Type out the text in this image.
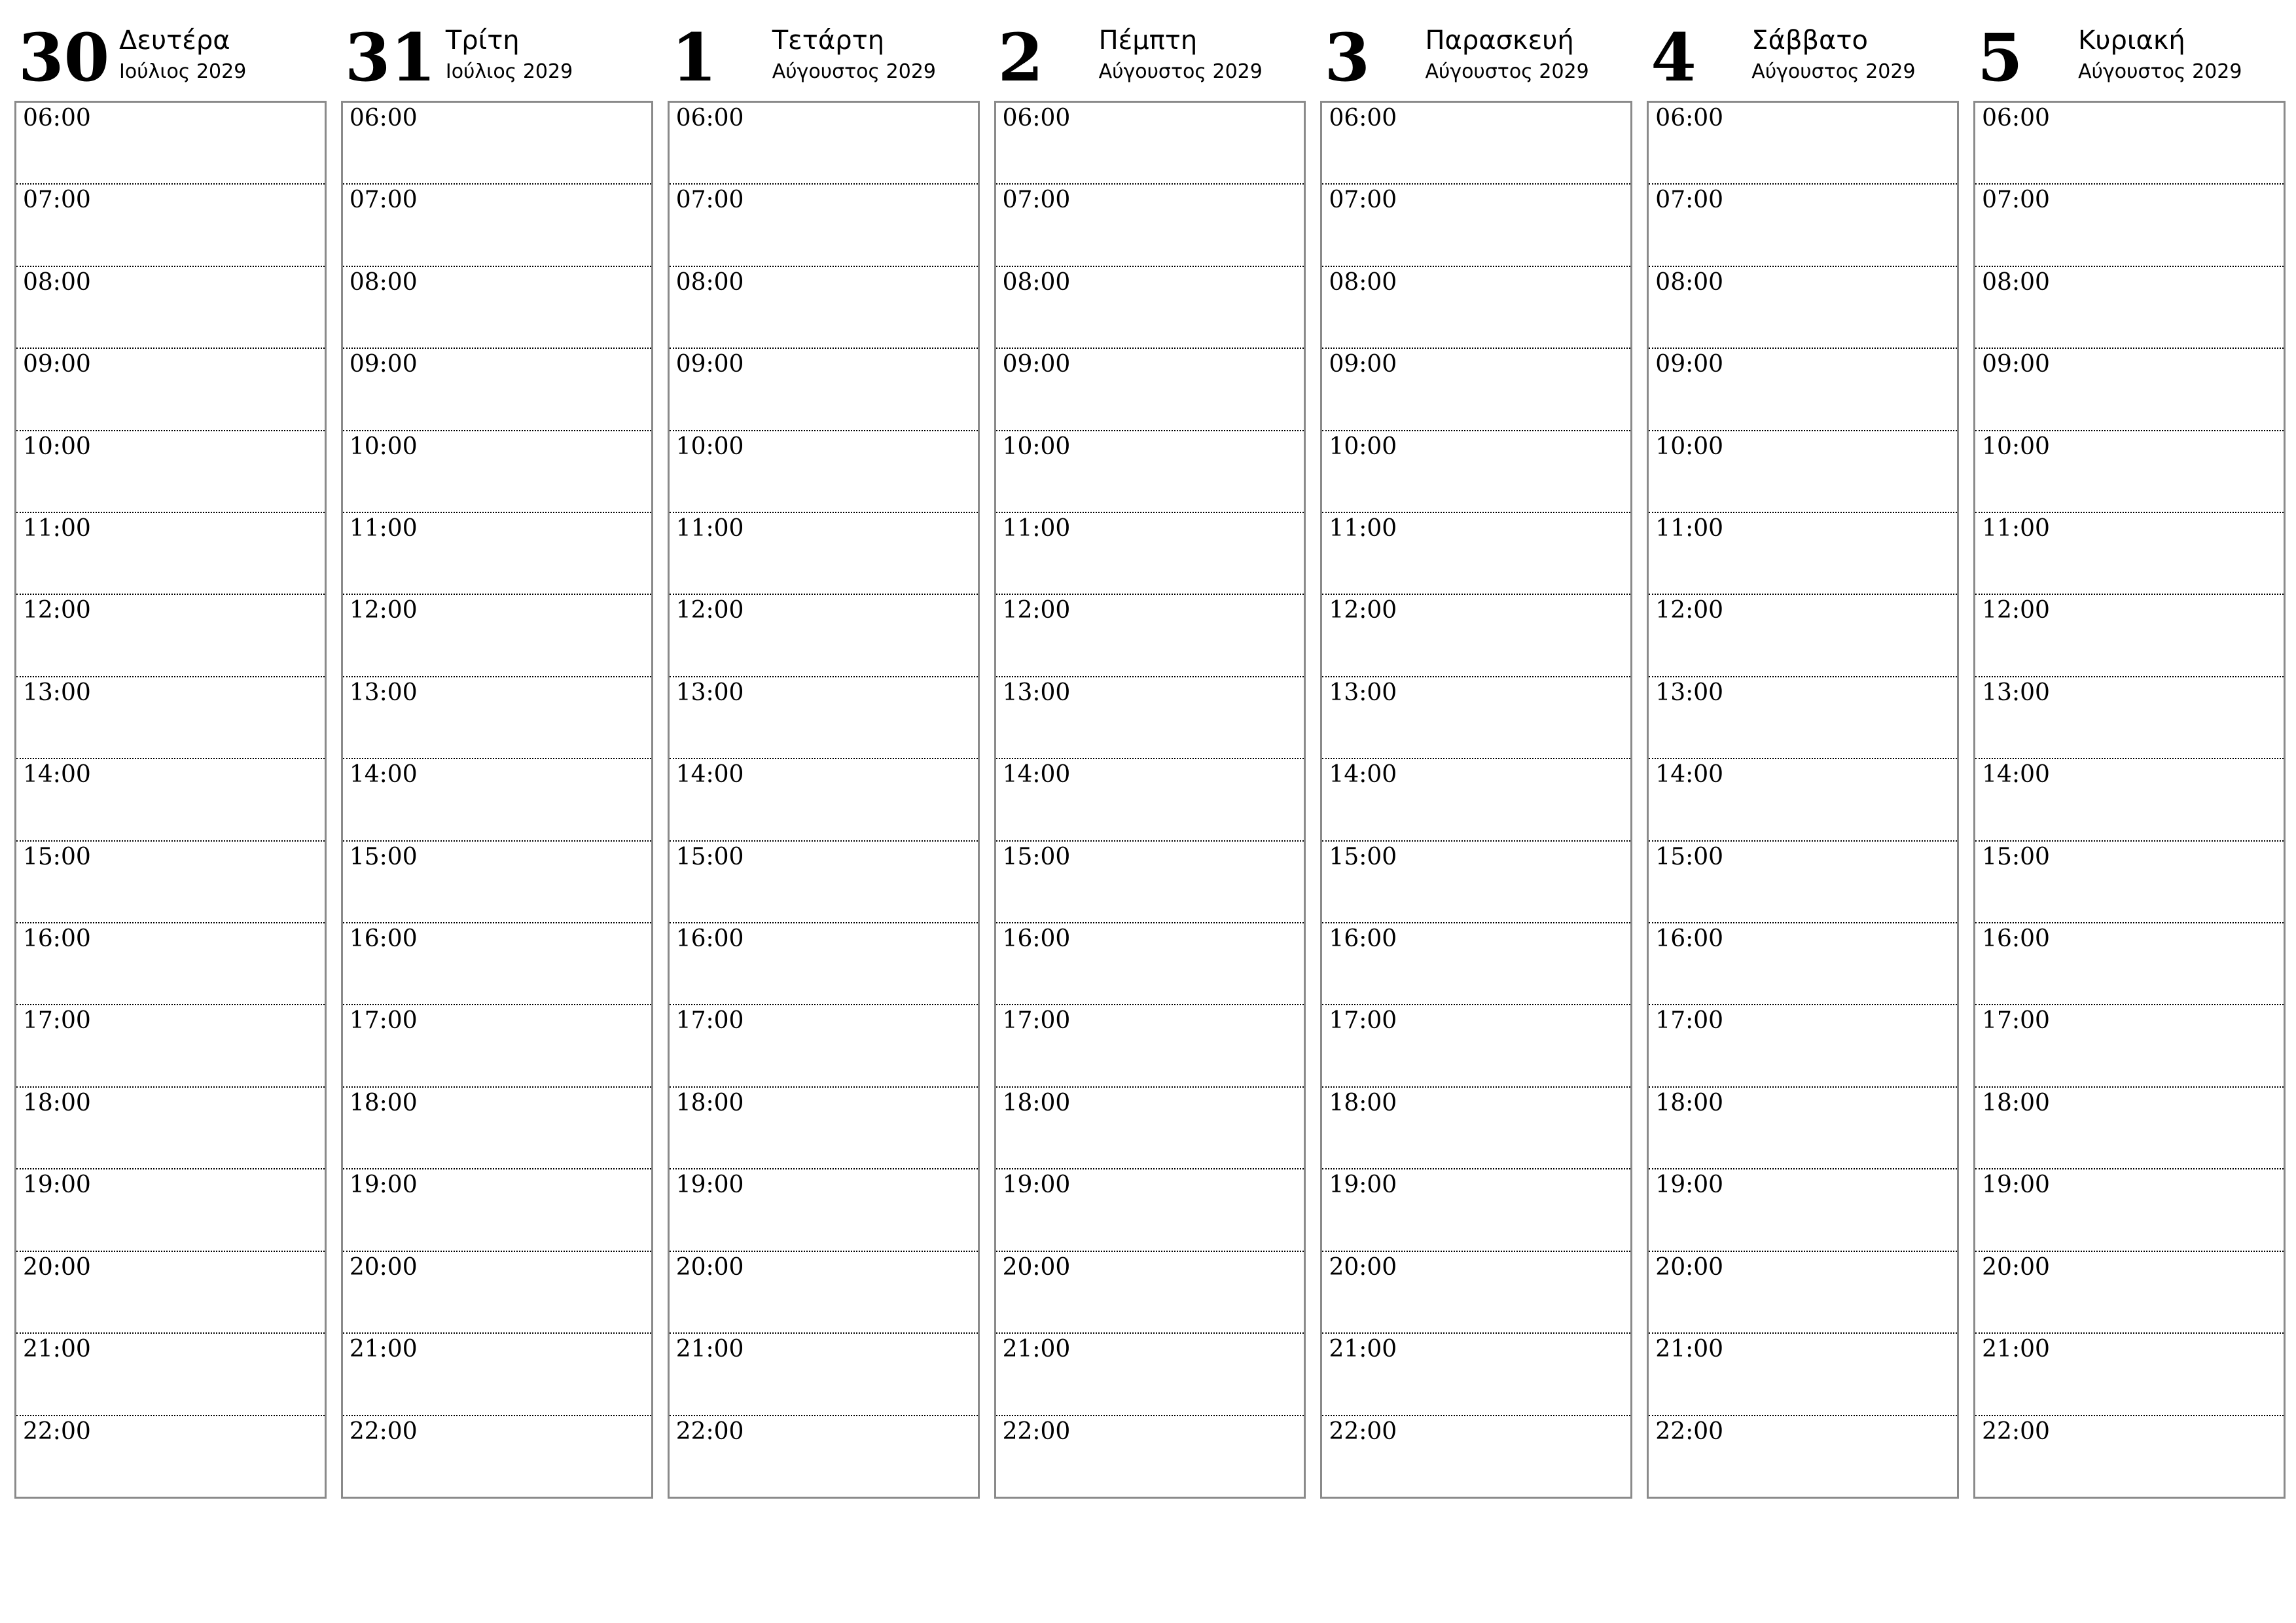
30 Δευτέρα
Ιούλιος 2029
06:00
07:00
08:00
09:00
10:00
11:00
12:00
13:00
14:00
15:00
16:00
17:00
18:00
19:00
20:00
21:00
22:00
31 Τρίτη
Ιούλιος 2029
06:00
07:00
08:00
09:00
10:00
11:00
12:00
13:00
14:00
15:00
16:00
17:00
18:00
19:00
20:00
21:00
22:00
1 Τετάρτη
Αύγουστος 2029
06:00
07:00
08:00
09:00
10:00
11:00
12:00
13:00
14:00
15:00
16:00
17:00
18:00
19:00
20:00
21:00
22:00
2 Πέμπτη
Αύγουστος 2029
06:00
07:00
08:00
09:00
10:00
11:00
12:00
13:00
14:00
15:00
16:00
17:00
18:00
19:00
20:00
21:00
22:00
3 Παρασκευή
Αύγουστος 2029
06:00
07:00
08:00
09:00
10:00
11:00
12:00
13:00
14:00
15:00
16:00
17:00
18:00
19:00
20:00
21:00
22:00
4 Σάββατο
Αύγουστος 2029
06:00
07:00
08:00
09:00
10:00
11:00
12:00
13:00
14:00
15:00
16:00
17:00
18:00
19:00
20:00
21:00
22:00
5 Κυριακή
Αύγουστος 2029
06:00
07:00
08:00
09:00
10:00
11:00
12:00
13:00
14:00
15:00
16:00
17:00
18:00
19:00
20:00
21:00
22:00
